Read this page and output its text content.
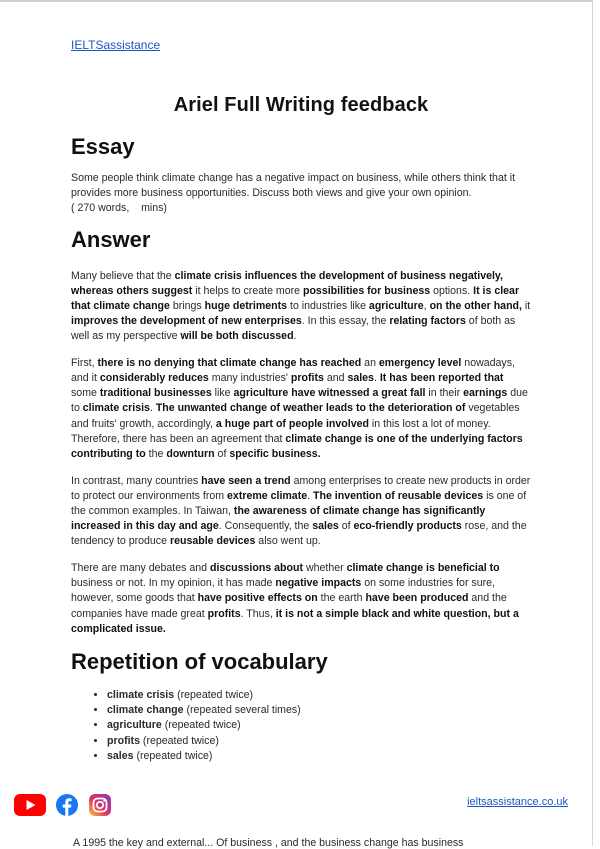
IELTSassistance
Ariel Full Writing feedback
Essay

Some people think climate change has a negative impact on business, while others think that it provides more business opportunities. Discuss both views and give your own opinion.
( 270 words,    mins)

Answer

Many believe that the climate crisis influences the development of business negatively, whereas others suggest it helps to create more possibilities for business options. It is clear that climate change brings huge detriments to industries like agriculture, on the other hand, it improves the development of new enterprises. In this essay, the relating factors of both as well as my perspective will be both discussed.

First, there is no denying that climate change has reached an emergency level nowadays, and it considerably reduces many industries' profits and sales. It has been reported that some traditional businesses like agriculture have witnessed a great fall in their earnings due to climate crisis. The unwanted change of weather leads to the deterioration of vegetables and fruits' growth, accordingly, a huge part of people involved in this lost a lot of money. Therefore, there has been an agreement that climate change is one of the underlying factors contributing to the downturn of specific business.

In contrast, many countries have seen a trend among enterprises to create new products in order to protect our environments from extreme climate. The invention of reusable devices is one of the common examples. In Taiwan, the awareness of climate change has significantly increased in this day and age. Consequently, the sales of eco-friendly products rose, and the tendency to produce reusable devices also went up.

There are many debates and discussions about whether climate change is beneficial to business or not. In my opinion, it has made negative impacts on some industries for sure, however, some goods that have positive effects on the earth have been produced and the companies have made great profits. Thus, it is not a simple black and white question, but a complicated issue.

Repetition of vocabulary
• climate crisis (repeated twice)
• climate change (repeated several times)
• agriculture (repeated twice)
• profits (repeated twice)
• sales (repeated twice)
ieltsassistance.co.uk
A 1995 the key and external... Of business , and the business change has business
